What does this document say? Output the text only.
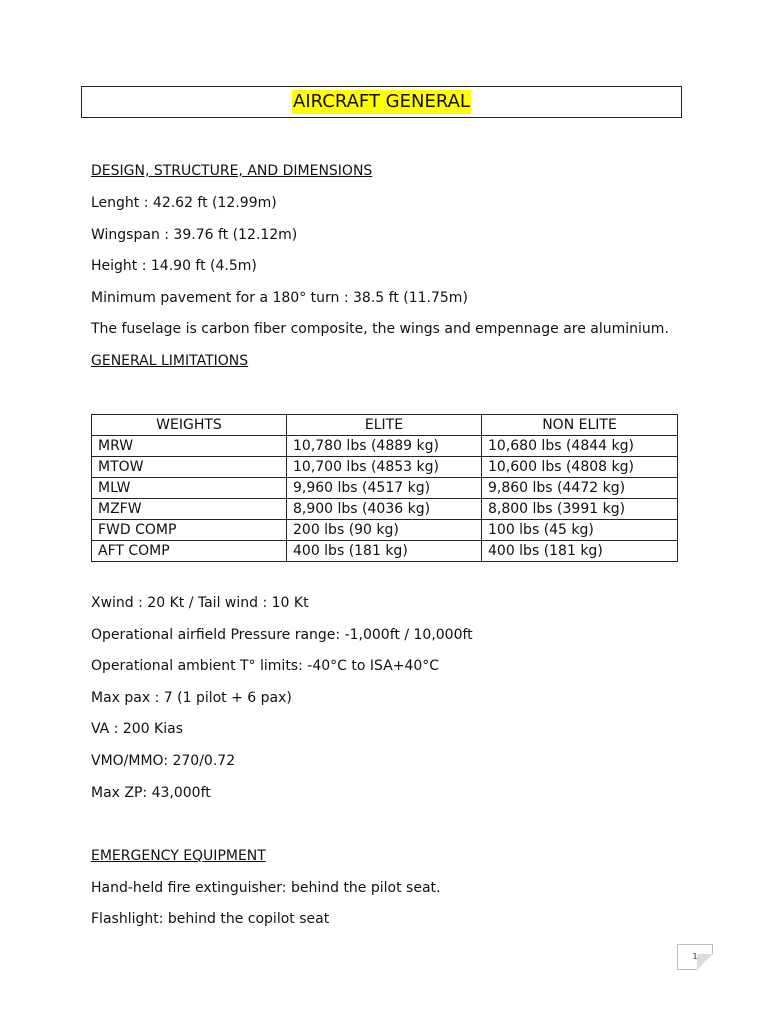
AIRCRAFT GENERAL
DESIGN, STRUCTURE, AND DIMENSIONS
Lenght : 42.62 ft (12.99m)
Wingspan : 39.76 ft (12.12m)
Height : 14.90 ft (4.5m)
Minimum pavement for a 180° turn : 38.5 ft (11.75m)
The fuselage is carbon fiber composite, the wings and empennage are aluminium.
GENERAL LIMITATIONS
WEIGHTS	ELITE	NON ELITE
MRW	10,780 lbs (4889 kg)	10,680 lbs (4844 kg)
MTOW	10,700 lbs (4853 kg)	10,600 lbs (4808 kg)
MLW	9,960 lbs (4517 kg)	9,860 lbs (4472 kg)
MZFW	8,900 lbs (4036 kg)	8,800 lbs (3991 kg)
FWD COMP	200 lbs (90 kg)	100 lbs (45 kg)
AFT COMP	400 lbs (181 kg)	400 lbs (181 kg)
Xwind : 20 Kt / Tail wind : 10 Kt
Operational airfield Pressure range: -1,000ft / 10,000ft
Operational ambient T° limits: -40°C to ISA+40°C
Max pax : 7 (1 pilot + 6 pax)
VA : 200 Kias
VMO/MMO: 270/0.72
Max ZP: 43,000ft
EMERGENCY EQUIPMENT
Hand-held fire extinguisher: behind the pilot seat.
Flashlight: behind the copilot seat
1
